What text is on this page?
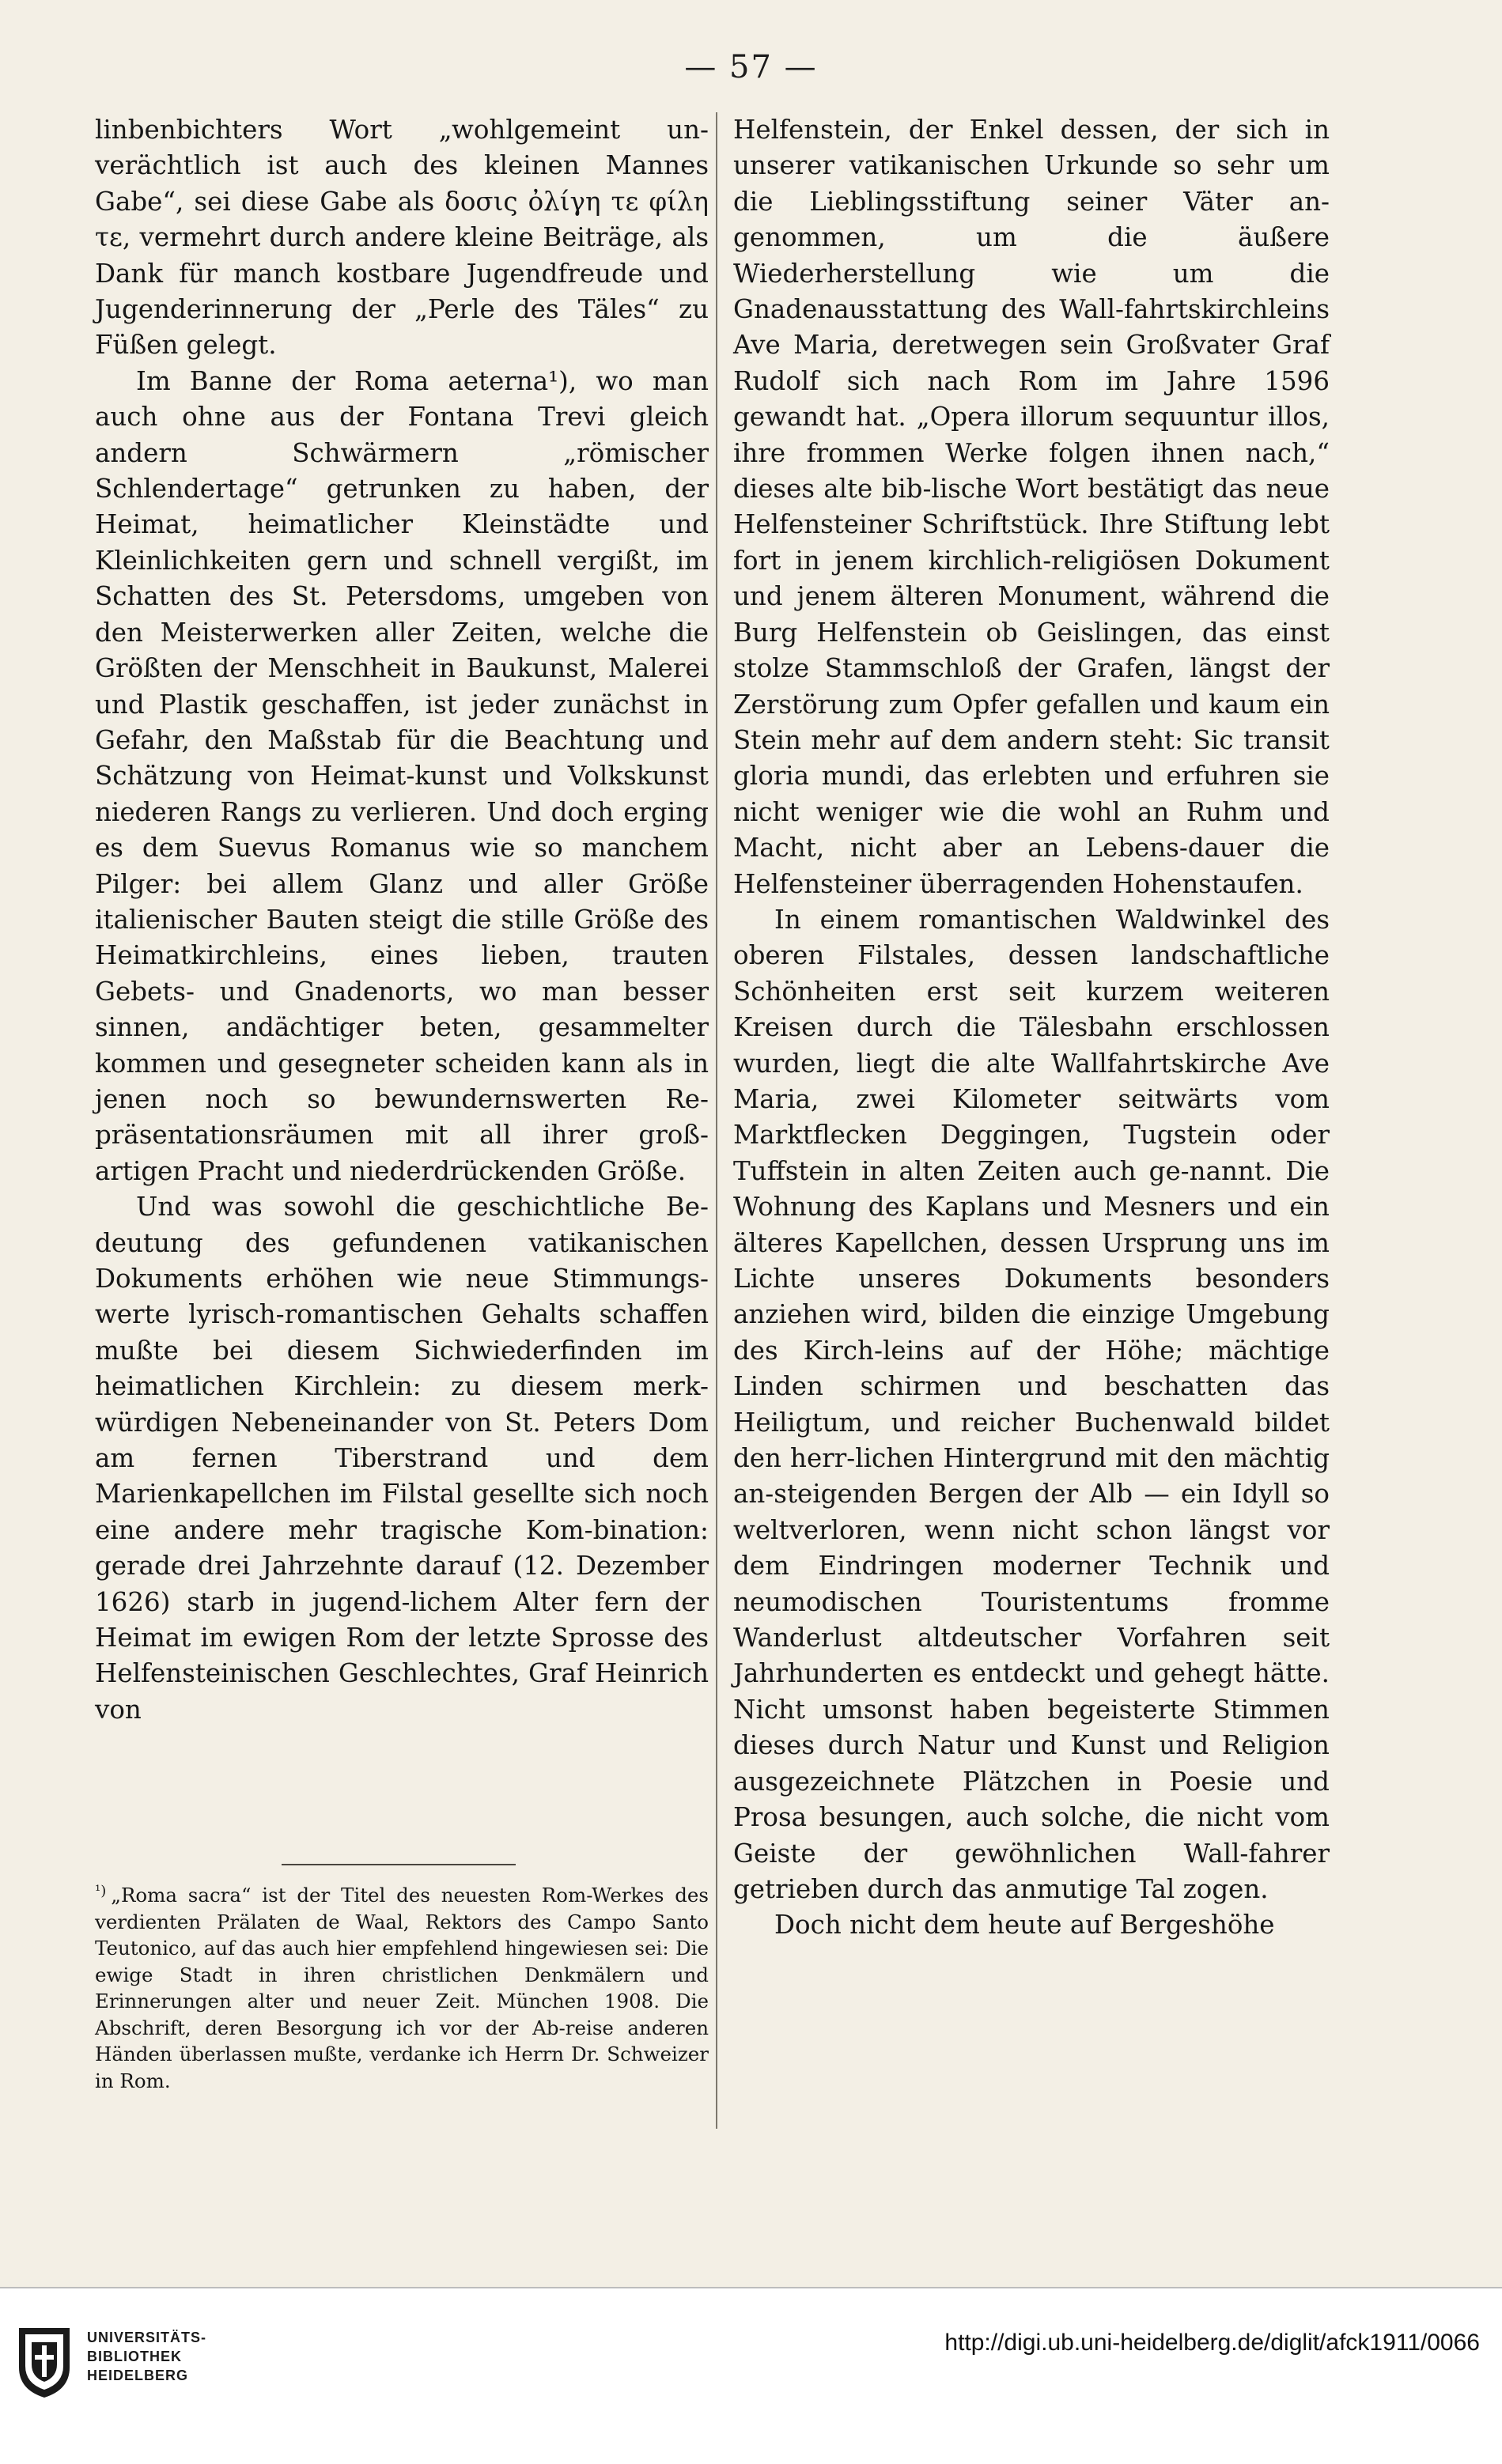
— 57 —

linbenbichters Wort „wohlgemeint un-verächtlich ist auch des kleinen Mannes Gabe“, sei diese Gabe als δοσις ὀλίγη τε φίλη τε, vermehrt durch andere kleine Beiträge, als Dank für manch kostbare Jugendfreude und Jugenderinnerung der „Perle des Täles“ zu Füßen gelegt.

Im Banne der Roma aeterna¹), wo man auch ohne aus der Fontana Trevi gleich andern Schwärmern „römischer Schlendertage“ getrunken zu haben, der Heimat, heimatlicher Kleinstädte und Kleinlichkeiten gern und schnell vergißt, im Schatten des St. Petersdoms, umgeben von den Meisterwerken aller Zeiten, welche die Größten der Menschheit in Baukunst, Malerei und Plastik geschaffen, ist jeder zunächst in Gefahr, den Maßstab für die Beachtung und Schätzung von Heimat-kunst und Volkskunst niederen Rangs zu verlieren. Und doch erging es dem Suevus Romanus wie so manchem Pilger: bei allem Glanz und aller Größe italienischer Bauten steigt die stille Größe des Heimatkirchleins, eines lieben, trauten Gebets- und Gnadenorts, wo man besser sinnen, andächtiger beten, gesammelter kommen und gesegneter scheiden kann als in jenen noch so bewundernswerten Re-präsentationsräumen mit all ihrer groß-artigen Pracht und niederdrückenden Größe.

Und was sowohl die geschichtliche Be-deutung des gefundenen vatikanischen Dokuments erhöhen wie neue Stimmungs-werte lyrisch-romantischen Gehalts schaffen mußte bei diesem Sichwiederfinden im heimatlichen Kirchlein: zu diesem merk-würdigen Nebeneinander von St. Peters Dom am fernen Tiberstrand und dem Marienkapellchen im Filstal gesellte sich noch eine andere mehr tragische Kom-bination: gerade drei Jahrzehnte darauf (12. Dezember 1626) starb in jugend-lichem Alter fern der Heimat im ewigen Rom der letzte Sprosse des Helfensteinischen Geschlechtes, Graf Heinrich von

$^{^1)}$ „Roma sacra“ ist der Titel des neuesten Rom-Werkes des verdienten Prälaten de Waal, Rektors des Campo Santo Teutonico, auf das auch hier empfehlend hingewiesen sei: Die ewige Stadt in ihren christlichen Denkmälern und Erinnerungen alter und neuer Zeit. München 1908. Die Abschrift, deren Besorgung ich vor der Ab-reise anderen Händen überlassen mußte, verdanke ich Herrn Dr. Schweizer in Rom.

Helfenstein, der Enkel dessen, der sich in unserer vatikanischen Urkunde so sehr um die Lieblingsstiftung seiner Väter an-genommen, um die äußere Wiederherstellung wie um die Gnadenausstattung des Wall-fahrtskirchleins Ave Maria, deretwegen sein Großvater Graf Rudolf sich nach Rom im Jahre 1596 gewandt hat. „Opera illorum sequuntur illos, ihre frommen Werke folgen ihnen nach,“ dieses alte bib-lische Wort bestätigt das neue Helfensteiner Schriftstück. Ihre Stiftung lebt fort in jenem kirchlich-religiösen Dokument und jenem älteren Monument, während die Burg Helfenstein ob Geislingen, das einst stolze Stammschloß der Grafen, längst der Zerstörung zum Opfer gefallen und kaum ein Stein mehr auf dem andern steht: Sic transit gloria mundi, das erlebten und erfuhren sie nicht weniger wie die wohl an Ruhm und Macht, nicht aber an Lebens-dauer die Helfensteiner überragenden Hohenstaufen.

In einem romantischen Waldwinkel des oberen Filstales, dessen landschaftliche Schönheiten erst seit kurzem weiteren Kreisen durch die Tälesbahn erschlossen wurden, liegt die alte Wallfahrtskirche Ave Maria, zwei Kilometer seitwärts vom Marktflecken Deggingen, Tugstein oder Tuffstein in alten Zeiten auch ge-nannt. Die Wohnung des Kaplans und Mesners und ein älteres Kapellchen, dessen Ursprung uns im Lichte unseres Dokuments besonders anziehen wird, bilden die einzige Umgebung des Kirch-leins auf der Höhe; mächtige Linden schirmen und beschatten das Heiligtum, und reicher Buchenwald bildet den herr-lichen Hintergrund mit den mächtig an-steigenden Bergen der Alb — ein Idyll so weltverloren, wenn nicht schon längst vor dem Eindringen moderner Technik und neumodischen Touristentums fromme Wanderlust altdeutscher Vorfahren seit Jahrhunderten es entdeckt und gehegt hätte. Nicht umsonst haben begeisterte Stimmen dieses durch Natur und Kunst und Religion ausgezeichnete Plätzchen in Poesie und Prosa besungen, auch solche, die nicht vom Geiste der gewöhnlichen Wall-fahrer getrieben durch das anmutige Tal zogen.

Doch nicht dem heute auf Bergeshöhe

UNIVERSITÄTS-
BIBLIOTHEK
HEIDELBERG
http://digi.ub.uni-heidelberg.de/diglit/afck1911/0066
